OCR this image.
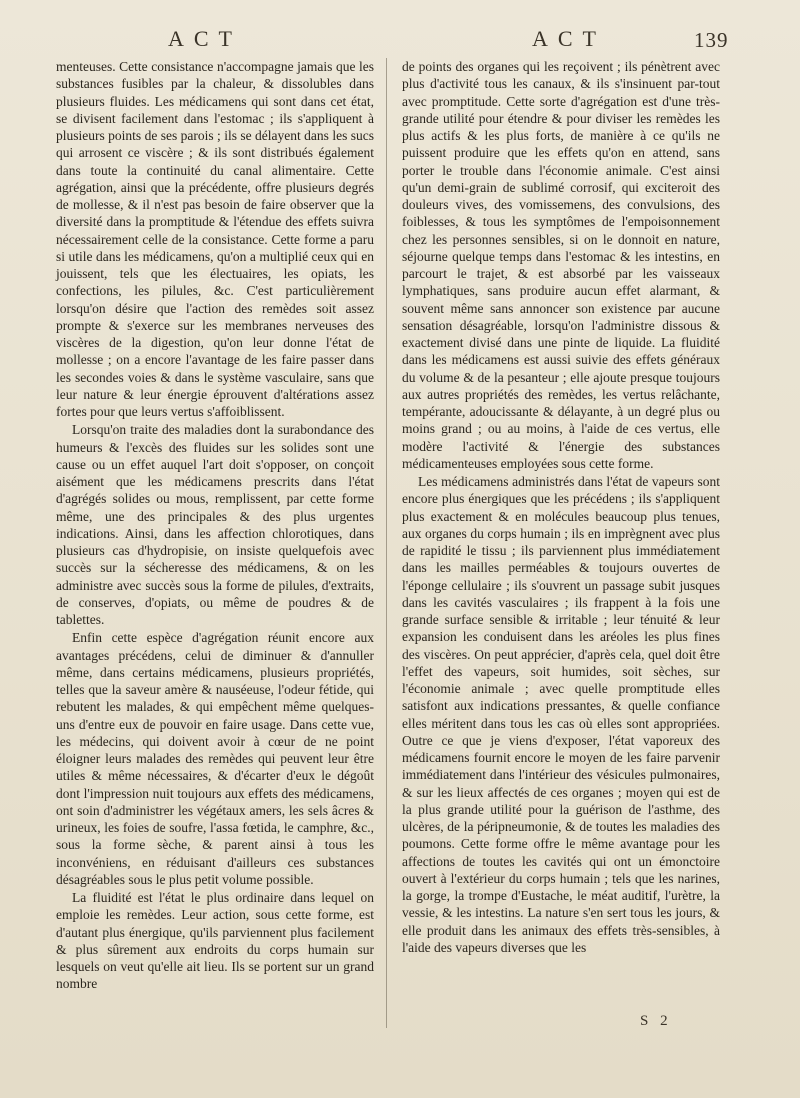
ACT	ACT	139

menteuses. Cette consistance n'accompagne jamais que les substances fusibles par la chaleur, & dissolubles dans plusieurs fluides. Les médicamens qui sont dans cet état, se divisent facilement dans l'estomac ; ils s'appliquent à plusieurs points de ses parois ; ils se délayent dans les sucs qui arrosent ce viscère ; & ils sont distribués également dans toute la continuité du canal alimentaire. Cette agrégation, ainsi que la précédente, offre plusieurs degrés de mollesse, & il n'est pas besoin de faire observer que la diversité dans la promptitude & l'étendue des effets suivra nécessairement celle de la consistance. Cette forme a paru si utile dans les médicamens, qu'on a multiplié ceux qui en jouissent, tels que les électuaires, les opiats, les confections, les pilules, &c. C'est particulièrement lorsqu'on désire que l'action des remèdes soit assez prompte & s'exerce sur les membranes nerveuses des viscères de la digestion, qu'on leur donne l'état de mollesse ; on a encore l'avantage de les faire passer dans les secondes voies & dans le système vasculaire, sans que leur nature & leur énergie éprouvent d'altérations assez fortes pour que leurs vertus s'affoiblissent.

Lorsqu'on traite des maladies dont la surabondance des humeurs & l'excès des fluides sur les solides sont une cause ou un effet auquel l'art doit s'opposer, on conçoit aisément que les médicamens prescrits dans l'état d'agrégés solides ou mous, remplissent, par cette forme même, une des principales & des plus urgentes indications. Ainsi, dans les affection chlorotiques, dans plusieurs cas d'hydropisie, on insiste quelquefois avec succès sur la sécheresse des médicamens, & on les administre avec succès sous la forme de pilules, d'extraits, de conserves, d'opiats, ou même de poudres & de tablettes.

Enfin cette espèce d'agrégation réunit encore aux avantages précédens, celui de diminuer & d'annuller même, dans certains médicamens, plusieurs propriétés, telles que la saveur amère & nauséeuse, l'odeur fétide, qui rebutent les malades, & qui empêchent même quelques-uns d'entre eux de pouvoir en faire usage. Dans cette vue, les médecins, qui doivent avoir à cœur de ne point éloigner leurs malades des remèdes qui peuvent leur être utiles & même nécessaires, & d'écarter d'eux le dégoût dont l'impression nuit toujours aux effets des médicamens, ont soin d'administrer les végétaux amers, les sels âcres & urineux, les foies de soufre, l'assa fœtida, le camphre, &c., sous la forme sèche, & parent ainsi à tous les inconvéniens, en réduisant d'ailleurs ces substances désagréables sous le plus petit volume possible.

La fluidité est l'état le plus ordinaire dans lequel on emploie les remèdes. Leur action, sous cette forme, est d'autant plus énergique, qu'ils parviennent plus facilement & plus sûrement aux endroits du corps humain sur lesquels on veut qu'elle ait lieu. Ils se portent sur un grand nombre

de points des organes qui les reçoivent ; ils pénètrent avec plus d'activité tous les canaux, & ils s'insinuent par-tout avec promptitude. Cette sorte d'agrégation est d'une très-grande utilité pour étendre & pour diviser les remèdes les plus actifs & les plus forts, de manière à ce qu'ils ne puissent produire que les effets qu'on en attend, sans porter le trouble dans l'économie animale. C'est ainsi qu'un demi-grain de sublimé corrosif, qui exciteroit des douleurs vives, des vomissemens, des convulsions, des foiblesses, & tous les symptômes de l'empoisonnement chez les personnes sensibles, si on le donnoit en nature, séjourne quelque temps dans l'estomac & les intestins, en parcourt le trajet, & est absorbé par les vaisseaux lymphatiques, sans produire aucun effet alarmant, & souvent même sans annoncer son existence par aucune sensation désagréable, lorsqu'on l'administre dissous & exactement divisé dans une pinte de liquide. La fluidité dans les médicamens est aussi suivie des effets généraux du volume & de la pesanteur ; elle ajoute presque toujours aux autres propriétés des remèdes, les vertus relâchante, tempérante, adoucissante & délayante, à un degré plus ou moins grand ; ou au moins, à l'aide de ces vertus, elle modère l'activité & l'énergie des substances médicamenteuses employées sous cette forme.

Les médicamens administrés dans l'état de vapeurs sont encore plus énergiques que les précédens ; ils s'appliquent plus exactement & en molécules beaucoup plus tenues, aux organes du corps humain ; ils en imprègnent avec plus de rapidité le tissu ; ils parviennent plus immédiatement dans les mailles perméables & toujours ouvertes de l'éponge cellulaire ; ils s'ouvrent un passage subit jusques dans les cavités vasculaires ; ils frappent à la fois une grande surface sensible & irritable ; leur ténuité & leur expansion les conduisent dans les aréoles les plus fines des viscères. On peut apprécier, d'après cela, quel doit être l'effet des vapeurs, soit humides, soit sèches, sur l'économie animale ; avec quelle promptitude elles satisfont aux indications pressantes, & quelle confiance elles méritent dans tous les cas où elles sont appropriées. Outre ce que je viens d'exposer, l'état vaporeux des médicamens fournit encore le moyen de les faire parvenir immédiatement dans l'intérieur des vésicules pulmonaires, & sur les lieux affectés de ces organes ; moyen qui est de la plus grande utilité pour la guérison de l'asthme, des ulcères, de la péripneumonie, & de toutes les maladies des poumons. Cette forme offre le même avantage pour les affections de toutes les cavités qui ont un émonctoire ouvert à l'extérieur du corps humain ; tels que les narines, la gorge, la trompe d'Eustache, le méat auditif, l'urètre, la vessie, & les intestins. La nature s'en sert tous les jours, & elle produit dans les animaux des effets très-sensibles, à l'aide des vapeurs diverses que les

S 2
